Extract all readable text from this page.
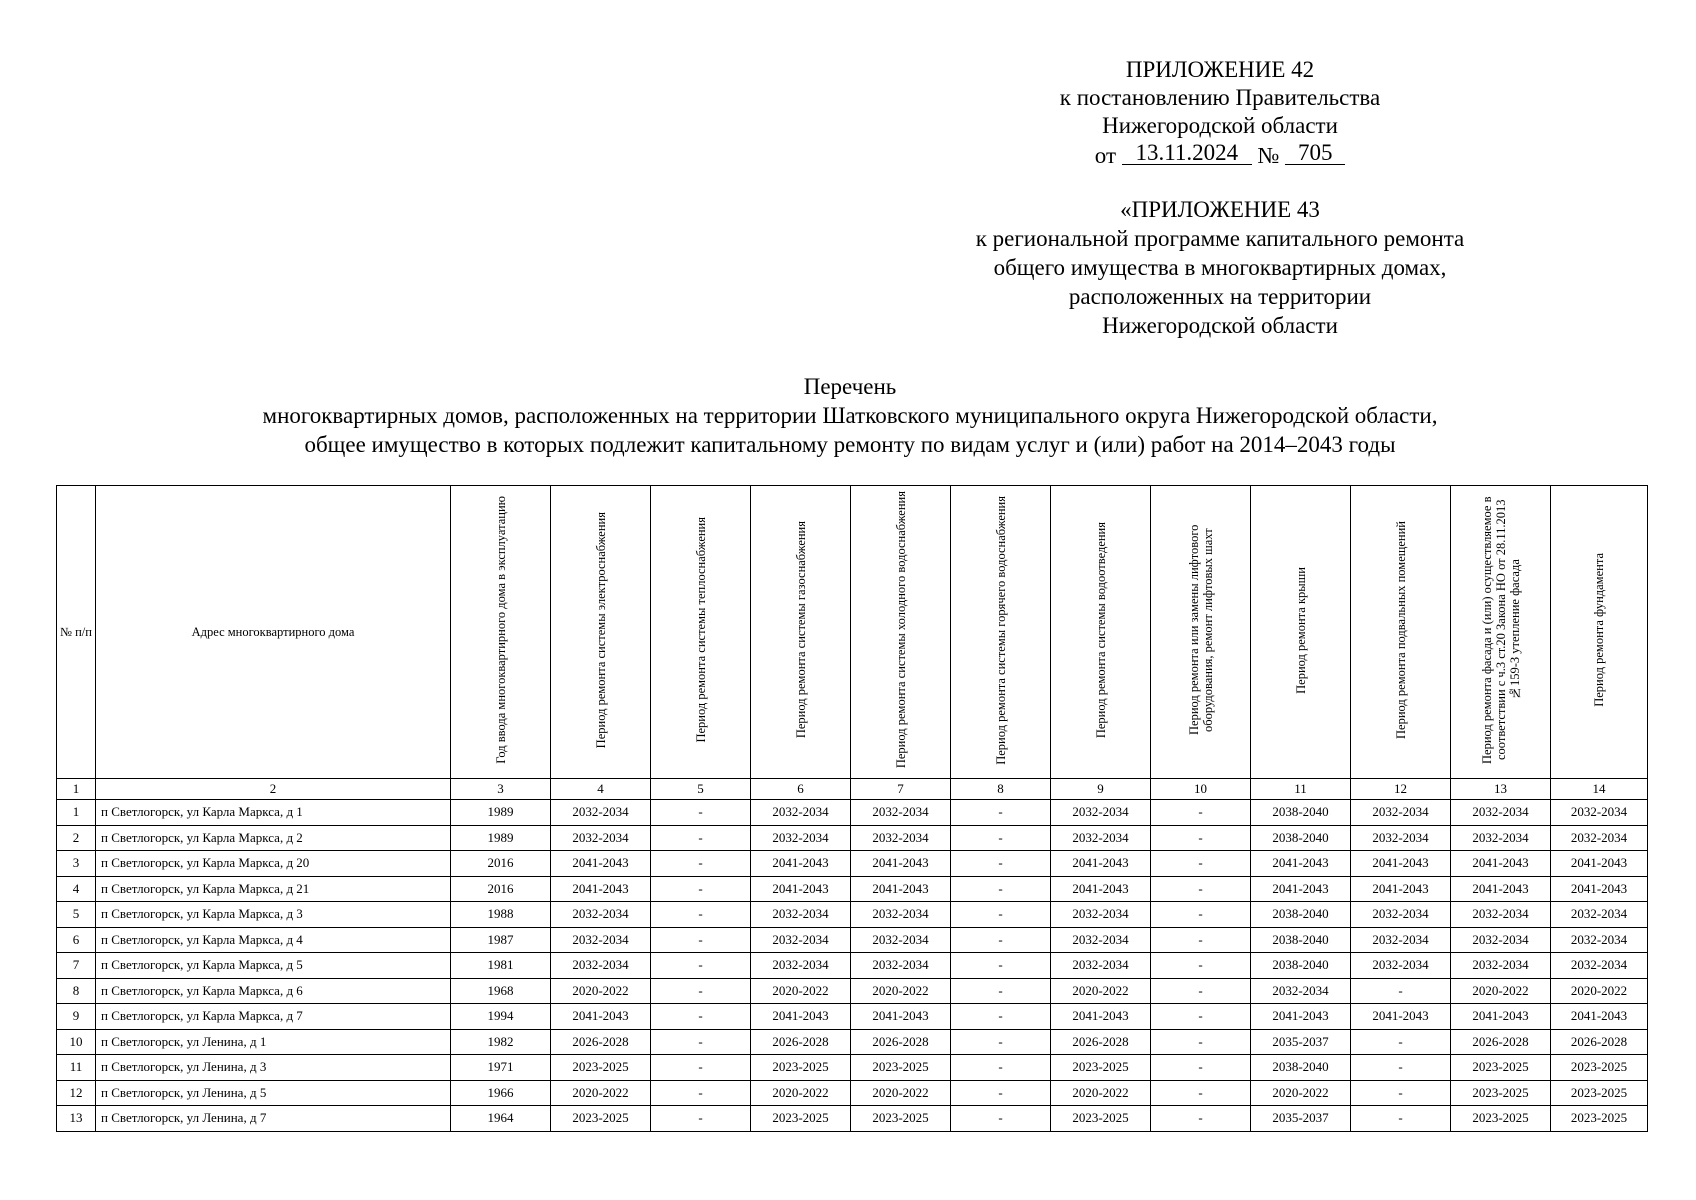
ПРИЛОЖЕНИЕ 42
к постановлению Правительства
Нижегородской области
от 13.11.2024 № 705
«ПРИЛОЖЕНИЕ 43
к региональной программе капитального ремонта
общего имущества в многоквартирных домах,
расположенных на территории
Нижегородской области
Перечень
многоквартирных домов, расположенных на территории Шатковского муниципального округа Нижегородской области,
общее имущество в которых подлежит капитальному ремонту по видам услуг и (или) работ на 2014–2043 годы
№ п/п	Адрес многоквартирного дома	Год ввода многоквартирного дома в эксплуатацию	Период ремонта системы электроснабжения	Период ремонта системы теплоснабжения	Период ремонта системы газоснабжения	Период ремонта системы холодного водоснабжения	Период ремонта системы горячего водоснабжения	Период ремонта системы водоотведения	Период ремонта или замены лифтового оборудования, ремонт лифтовых шахт	Период ремонта крыши	Период ремонта подвальных помещений	Период ремонта фасада и (или) осуществляемое в соответствии с ч.3 ст.20 Закона НО от 28.11.2013 №159-З утепление фасада	Период ремонта фундамента
1	2	3	4	5	6	7	8	9	10	11	12	13	14
1	п Светлогорск, ул Карла Маркса, д 1	1989	2032-2034	-	2032-2034	2032-2034	-	2032-2034	-	2038-2040	2032-2034	2032-2034	2032-2034
2	п Светлогорск, ул Карла Маркса, д 2	1989	2032-2034	-	2032-2034	2032-2034	-	2032-2034	-	2038-2040	2032-2034	2032-2034	2032-2034
3	п Светлогорск, ул Карла Маркса, д 20	2016	2041-2043	-	2041-2043	2041-2043	-	2041-2043	-	2041-2043	2041-2043	2041-2043	2041-2043
4	п Светлогорск, ул Карла Маркса, д 21	2016	2041-2043	-	2041-2043	2041-2043	-	2041-2043	-	2041-2043	2041-2043	2041-2043	2041-2043
5	п Светлогорск, ул Карла Маркса, д 3	1988	2032-2034	-	2032-2034	2032-2034	-	2032-2034	-	2038-2040	2032-2034	2032-2034	2032-2034
6	п Светлогорск, ул Карла Маркса, д 4	1987	2032-2034	-	2032-2034	2032-2034	-	2032-2034	-	2038-2040	2032-2034	2032-2034	2032-2034
7	п Светлогорск, ул Карла Маркса, д 5	1981	2032-2034	-	2032-2034	2032-2034	-	2032-2034	-	2038-2040	2032-2034	2032-2034	2032-2034
8	п Светлогорск, ул Карла Маркса, д 6	1968	2020-2022	-	2020-2022	2020-2022	-	2020-2022	-	2032-2034	-	2020-2022	2020-2022
9	п Светлогорск, ул Карла Маркса, д 7	1994	2041-2043	-	2041-2043	2041-2043	-	2041-2043	-	2041-2043	2041-2043	2041-2043	2041-2043
10	п Светлогорск, ул Ленина, д 1	1982	2026-2028	-	2026-2028	2026-2028	-	2026-2028	-	2035-2037	-	2026-2028	2026-2028
11	п Светлогорск, ул Ленина, д 3	1971	2023-2025	-	2023-2025	2023-2025	-	2023-2025	-	2038-2040	-	2023-2025	2023-2025
12	п Светлогорск, ул Ленина, д 5	1966	2020-2022	-	2020-2022	2020-2022	-	2020-2022	-	2020-2022	-	2023-2025	2023-2025
13	п Светлогорск, ул Ленина, д 7	1964	2023-2025	-	2023-2025	2023-2025	-	2023-2025	-	2035-2037	-	2023-2025	2023-2025
